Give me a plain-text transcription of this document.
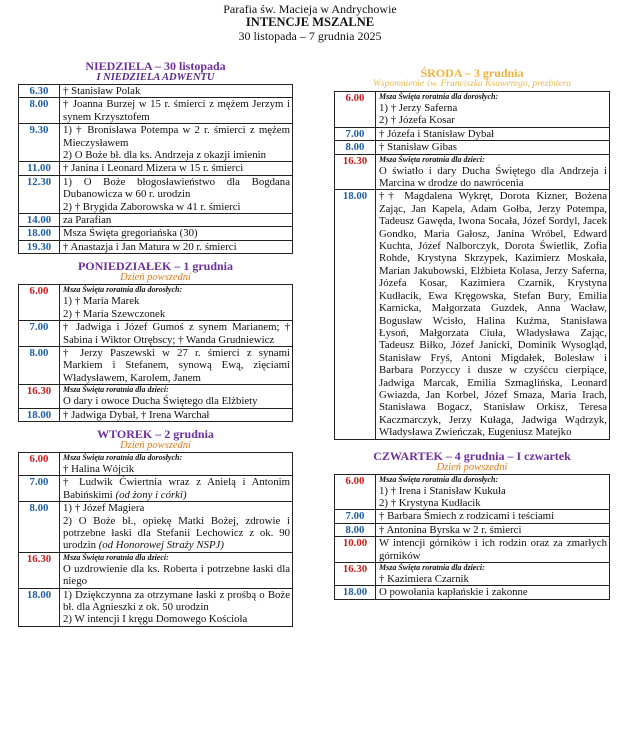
Parafia św. Macieja w Andrychowie
INTENCJE MSZALNE
30 listopada – 7 grudnia 2025
NIEDZIELA – 30 listopada
I NIEDZIELA ADWENTU
6.30	† Stanisław Polak

8.00	† Joanna Burzej w 15 r. śmierci z mężem Jerzym i synem Krzysztofem

9.30	1) † Bronisława Potempa w 2 r. śmierci z mężem Mieczysławem
2) O Boże bł. dla ks. Andrzeja z okazji imienin

11.00	† Janina i Leonard Mizera w 15 r. śmierci

12.30	1) O Boże błogosławieństwo dla Bogdana Dubanowicza w 60 r. urodzin
2) † Brygida Zaborowska w 41 r. śmierci

14.00	za Parafian

18.00	Msza Święta gregoriańska (30)

19.30	† Anastazja i Jan Matura w 20 r. śmierci
PONIEDZIAŁEK – 1 grudnia
Dzień powszedni
6.00	Msza Święta roratnia dla dorosłych:
1) † Maria Marek
2) † Maria Szewczonek

7.00	† Jadwiga i Józef Gumoś z synem Marianem; † Sabina i Wiktor Otrębscy; † Wanda Grudniewicz

8.00	† Jerzy Paszewski w 27 r. śmierci z synami Markiem i Stefanem, synową Ewą, zięciami Władysławem, Karolem, Janem

16.30	Msza Święta roratnia dla dzieci:
O dary i owoce Ducha Świętego dla Elżbiety

18.00	† Jadwiga Dybał, † Irena Warchał
WTOREK – 2 grudnia
Dzień powszedni
6.00	Msza Święta roratnia dla dorosłych:
† Halina Wójcik

7.00	† Ludwik Ćwiertnia wraz z Anielą i Antonim Babińskimi (od żony i córki)

8.00	1) † Józef Magiera
2) O Boże bł., opiekę Matki Bożej, zdrowie i potrzebne łaski dla Stefanii Lechowicz z ok. 90 urodzin (od Honorowej Straży NSPJ)

16.30	Msza Święta roratnia dla dzieci:
O uzdrowienie dla ks. Roberta i potrzebne łaski dla niego

18.00	1) Dziękczynna za otrzymane łaski z prośbą o Boże bł. dla Agnieszki z ok. 50 urodzin
2) W intencji I kręgu Domowego Kościoła
ŚRODA – 3 grudnia
Wspomnienie św. Franciszka Ksawerego, prezbitera
6.00	Msza Święta roratnia dla dorosłych:
1) † Jerzy Saferna
2) † Józefa Kosar

7.00	† Józefa i Stanisław Dybał

8.00	† Stanisław Gibas

16.30	Msza Święta roratnia dla dzieci:
O światło i dary Ducha Świętego dla Andrzeja i Marcina w drodze do nawrócenia

18.00	†† Magdalena Wykręt, Dorota Kizner, Bożena Zając, Jan Kapela, Adam Gołba, Jerzy Potempa, Tadeusz Gawęda, Iwona Socała, Józef Sordyl, Jacek Gondko, Maria Gałosz, Janina Wróbel, Edward Kuchta, Józef Nalborczyk, Dorota Świetlik, Zofia Rohde, Krystyna Skrzypek, Kazimierz Moskała, Marian Jakubowski, Elżbieta Kolasa, Jerzy Saferna, Józefa Kosar, Kazimiera Czarnik, Krystyna Kudłacik, Ewa Kręgowska, Stefan Bury, Emilia Karnicka, Małgorzata Guzdek, Anna Wacław, Bogusław Wcisło, Halina Kuźma, Stanisława Łysoń, Małgorzata Ciuła, Władysława Zając, Tadeusz Biłko, Józef Janicki, Dominik Wysogląd, Stanisław Fryś, Antoni Migdałek, Bolesław i Barbara Porzyccy i dusze w czyśćcu cierpiące, Jadwiga Marcak, Emilia Szmaglińska, Leonard Gwiazda, Jan Korbel, Józef Smaza, Maria Irach, Stanisława Bogacz, Stanisław Orkisz, Teresa Kaczmarczyk, Jerzy Kułaga, Jadwiga Wądrzyk, Władysława Zwieńczak, Eugeniusz Matejko
CZWARTEK – 4 grudnia – I czwartek
Dzień powszedni
6.00	Msza Święta roratnia dla dorosłych:
1) † Irena i Stanisław Kukuła
2) † Krystyna Kudłacik

7.00	† Barbara Śmiech z rodzicami i teściami

8.00	† Antonina Byrska w 2 r. śmierci

10.00	W intencji górników i ich rodzin oraz za zmarłych górników

16.30	Msza Święta roratnia dla dzieci:
† Kazimiera Czarnik

18.00	O powołania kapłańskie i zakonne
